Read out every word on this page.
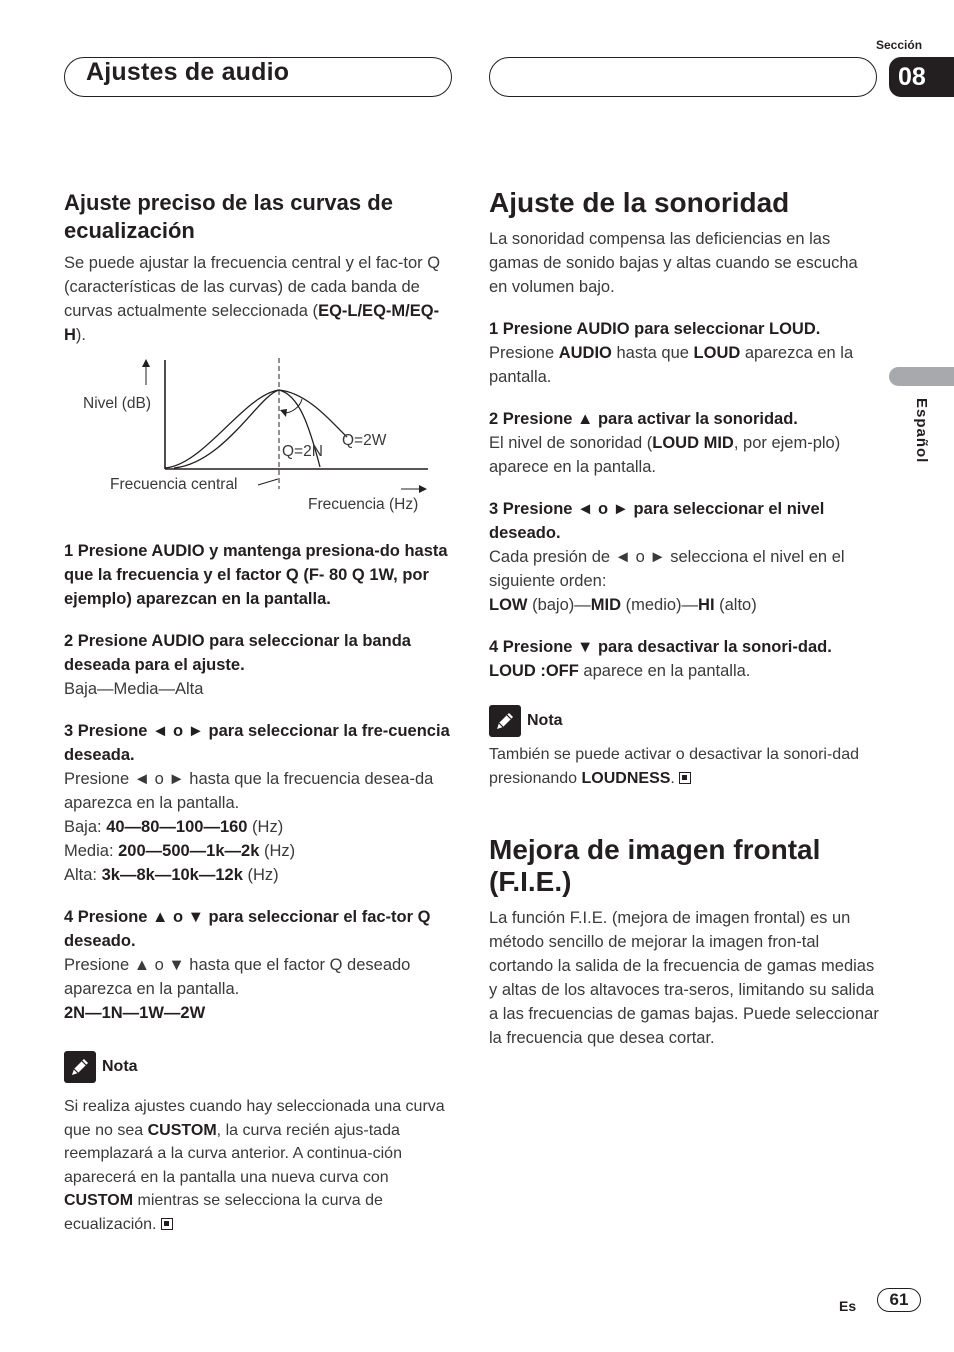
Ajustes de audio
Sección
08
Español
Ajuste preciso de las curvas de ecualización

Se puede ajustar la frecuencia central y el fac-tor Q (características de las curvas) de cada banda de curvas actualmente seleccionada (EQ-L/EQ-M/EQ-H).

Nivel (dB)
Q=2N
Q=2W
Frecuencia central
Frecuencia (Hz)

1 Presione AUDIO y mantenga presiona-do hasta que la frecuencia y el factor Q (F- 80 Q 1W, por ejemplo) aparezcan en la pantalla.

2 Presione AUDIO para seleccionar la banda deseada para el ajuste.

Baja—Media—Alta

3 Presione ◄ o ► para seleccionar la fre-cuencia deseada.

Presione ◄ o ► hasta que la frecuencia desea-da aparezca en la pantalla.

Baja: 40—80—100—160 (Hz)

Media: 200—500—1k—2k (Hz)

Alta: 3k—8k—10k—12k (Hz)

4 Presione ▲ o ▼ para seleccionar el fac-tor Q deseado.

Presione ▲ o ▼ hasta que el factor Q deseado aparezca en la pantalla.

2N—1N—1W—2W

Nota

Si realiza ajustes cuando hay seleccionada una curva que no sea CUSTOM, la curva recién ajus-tada reemplazará a la curva anterior. A continua-ción aparecerá en la pantalla una nueva curva con CUSTOM mientras se selecciona la curva de ecualización.

Ajuste de la sonoridad

La sonoridad compensa las deficiencias en las gamas de sonido bajas y altas cuando se escucha en volumen bajo.

1 Presione AUDIO para seleccionar LOUD.

Presione AUDIO hasta que LOUD aparezca en la pantalla.

2 Presione ▲ para activar la sonoridad.

El nivel de sonoridad (LOUD MID, por ejem-plo) aparece en la pantalla.

3 Presione ◄ o ► para seleccionar el nivel deseado.

Cada presión de ◄ o ► selecciona el nivel en el siguiente orden:

LOW (bajo)—MID (medio)—HI (alto)

4 Presione ▼ para desactivar la sonori-dad.

LOUD :OFF aparece en la pantalla.

Nota

También se puede activar o desactivar la sonori-dad presionando LOUDNESS.

Mejora de imagen frontal (F.I.E.)

La función F.I.E. (mejora de imagen frontal) es un método sencillo de mejorar la imagen fron-tal cortando la salida de la frecuencia de gamas medias y altas de los altavoces tra-seros, limitando su salida a las frecuencias de gamas bajas. Puede seleccionar la frecuencia que desea cortar.

Es	61
